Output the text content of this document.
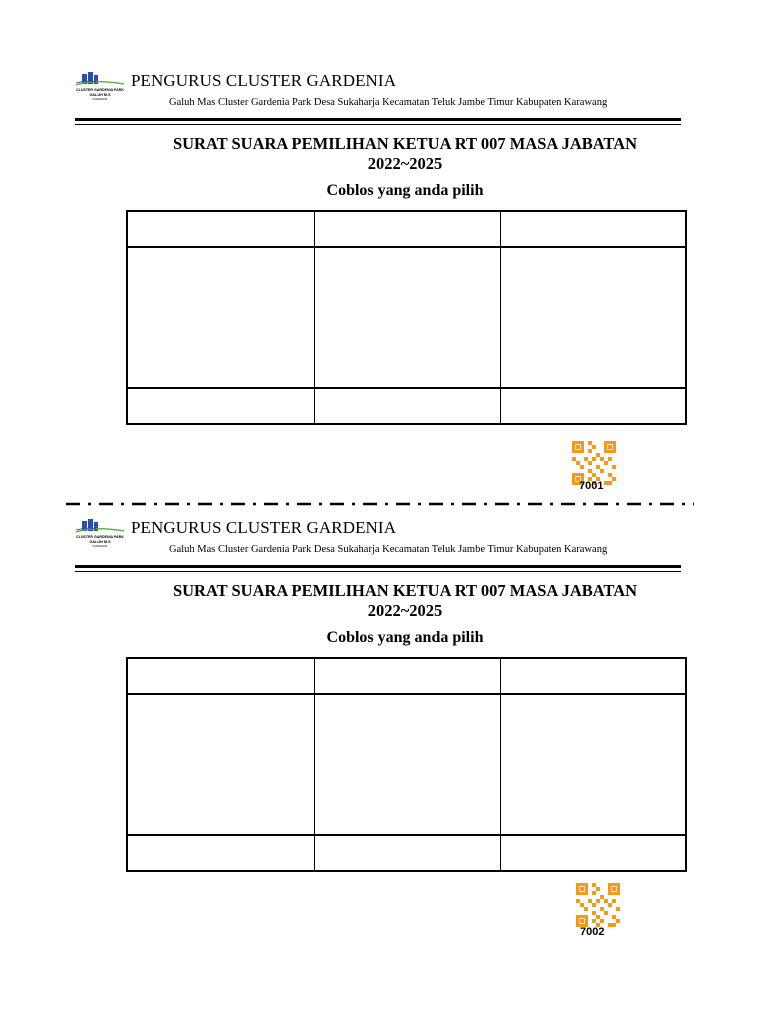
CLUSTER GARDENIA PARK
GALUH M.S
KARAWANG
PENGURUS CLUSTER GARDENIA
Galuh Mas Cluster Gardenia Park Desa Sukaharja Kecamatan Teluk Jambe Timur Kabupaten Karawang
SURAT SUARA PEMILIHAN KETUA RT 007 MASA JABATAN
2022~2025
Coblos yang anda pilih
7001
CLUSTER GARDENIA PARK
GALUH M.S
KARAWANG
PENGURUS CLUSTER GARDENIA
Galuh Mas Cluster Gardenia Park Desa Sukaharja Kecamatan Teluk Jambe Timur Kabupaten Karawang
SURAT SUARA PEMILIHAN KETUA RT 007 MASA JABATAN
2022~2025
Coblos yang anda pilih
7002
